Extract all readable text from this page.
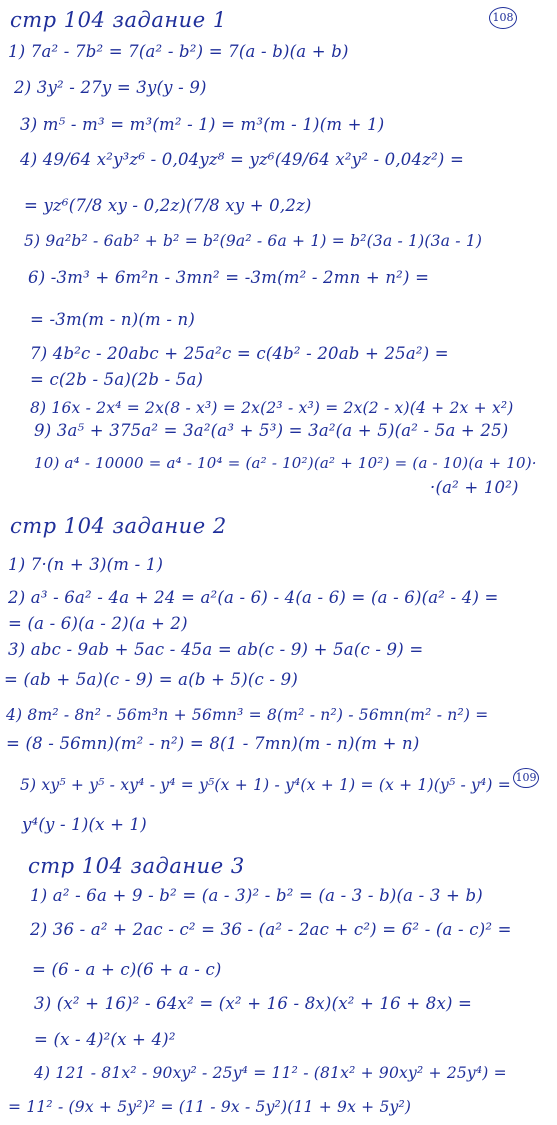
108
стр 104 задание 1
1) 7a² - 7b² = 7(a² - b²) = 7(a - b)(a + b)
2) 3y² - 27y = 3y(y - 9)
3) m⁵ - m³ = m³(m² - 1) = m³(m - 1)(m + 1)
4) 49/64 x²y³z⁶ - 0,04yz⁸ = yz⁶(49/64 x²y² - 0,04z²) =
= yz⁶(7/8 xy - 0,2z)(7/8 xy + 0,2z)
5) 9a²b² - 6ab² + b² = b²(9a² - 6a + 1) = b²(3a - 1)(3a - 1)
6) -3m³ + 6m²n - 3mn² = -3m(m² - 2mn + n²) =
= -3m(m - n)(m - n)
7) 4b²c - 20abc + 25a²c = c(4b² - 20ab + 25a²) =
= c(2b - 5a)(2b - 5a)
8) 16x - 2x⁴ = 2x(8 - x³) = 2x(2³ - x³) = 2x(2 - x)(4 + 2x + x²)
9) 3a⁵ + 375a² = 3a²(a³ + 5³) = 3a²(a + 5)(a² - 5a + 25)
10) a⁴ - 10000 = a⁴ - 10⁴ = (a² - 10²)(a² + 10²) = (a - 10)(a + 10)·
·(a² + 10²)
стр 104 задание 2
1) 7·(n + 3)(m - 1)
2) a³ - 6a² - 4a + 24 = a²(a - 6) - 4(a - 6) = (a - 6)(a² - 4) =
= (a - 6)(a - 2)(a + 2)
3) abc - 9ab + 5ac - 45a = ab(c - 9) + 5a(c - 9) =
= (ab + 5a)(c - 9) = a(b + 5)(c - 9)
4) 8m² - 8n² - 56m³n + 56mn³ = 8(m² - n²) - 56mn(m² - n²) =
= (8 - 56mn)(m² - n²) = 8(1 - 7mn)(m - n)(m + n)
5) xy⁵ + y⁵ - xy⁴ - y⁴ = y⁵(x + 1) - y⁴(x + 1) = (x + 1)(y⁵ - y⁴) = 109
y⁴(y - 1)(x + 1)
стр 104 задание 3
1) a² - 6a + 9 - b² = (a - 3)² - b² = (a - 3 - b)(a - 3 + b)
2) 36 - a² + 2ac - c² = 36 - (a² - 2ac + c²) = 6² - (a - c)² =
= (6 - a + c)(6 + a - c)
3) (x² + 16)² - 64x² = (x² + 16 - 8x)(x² + 16 + 8x) =
= (x - 4)²(x + 4)²
4) 121 - 81x² - 90xy² - 25y⁴ = 11² - (81x² + 90xy² + 25y⁴) =
= 11² - (9x + 5y²)² = (11 - 9x - 5y²)(11 + 9x + 5y²)
